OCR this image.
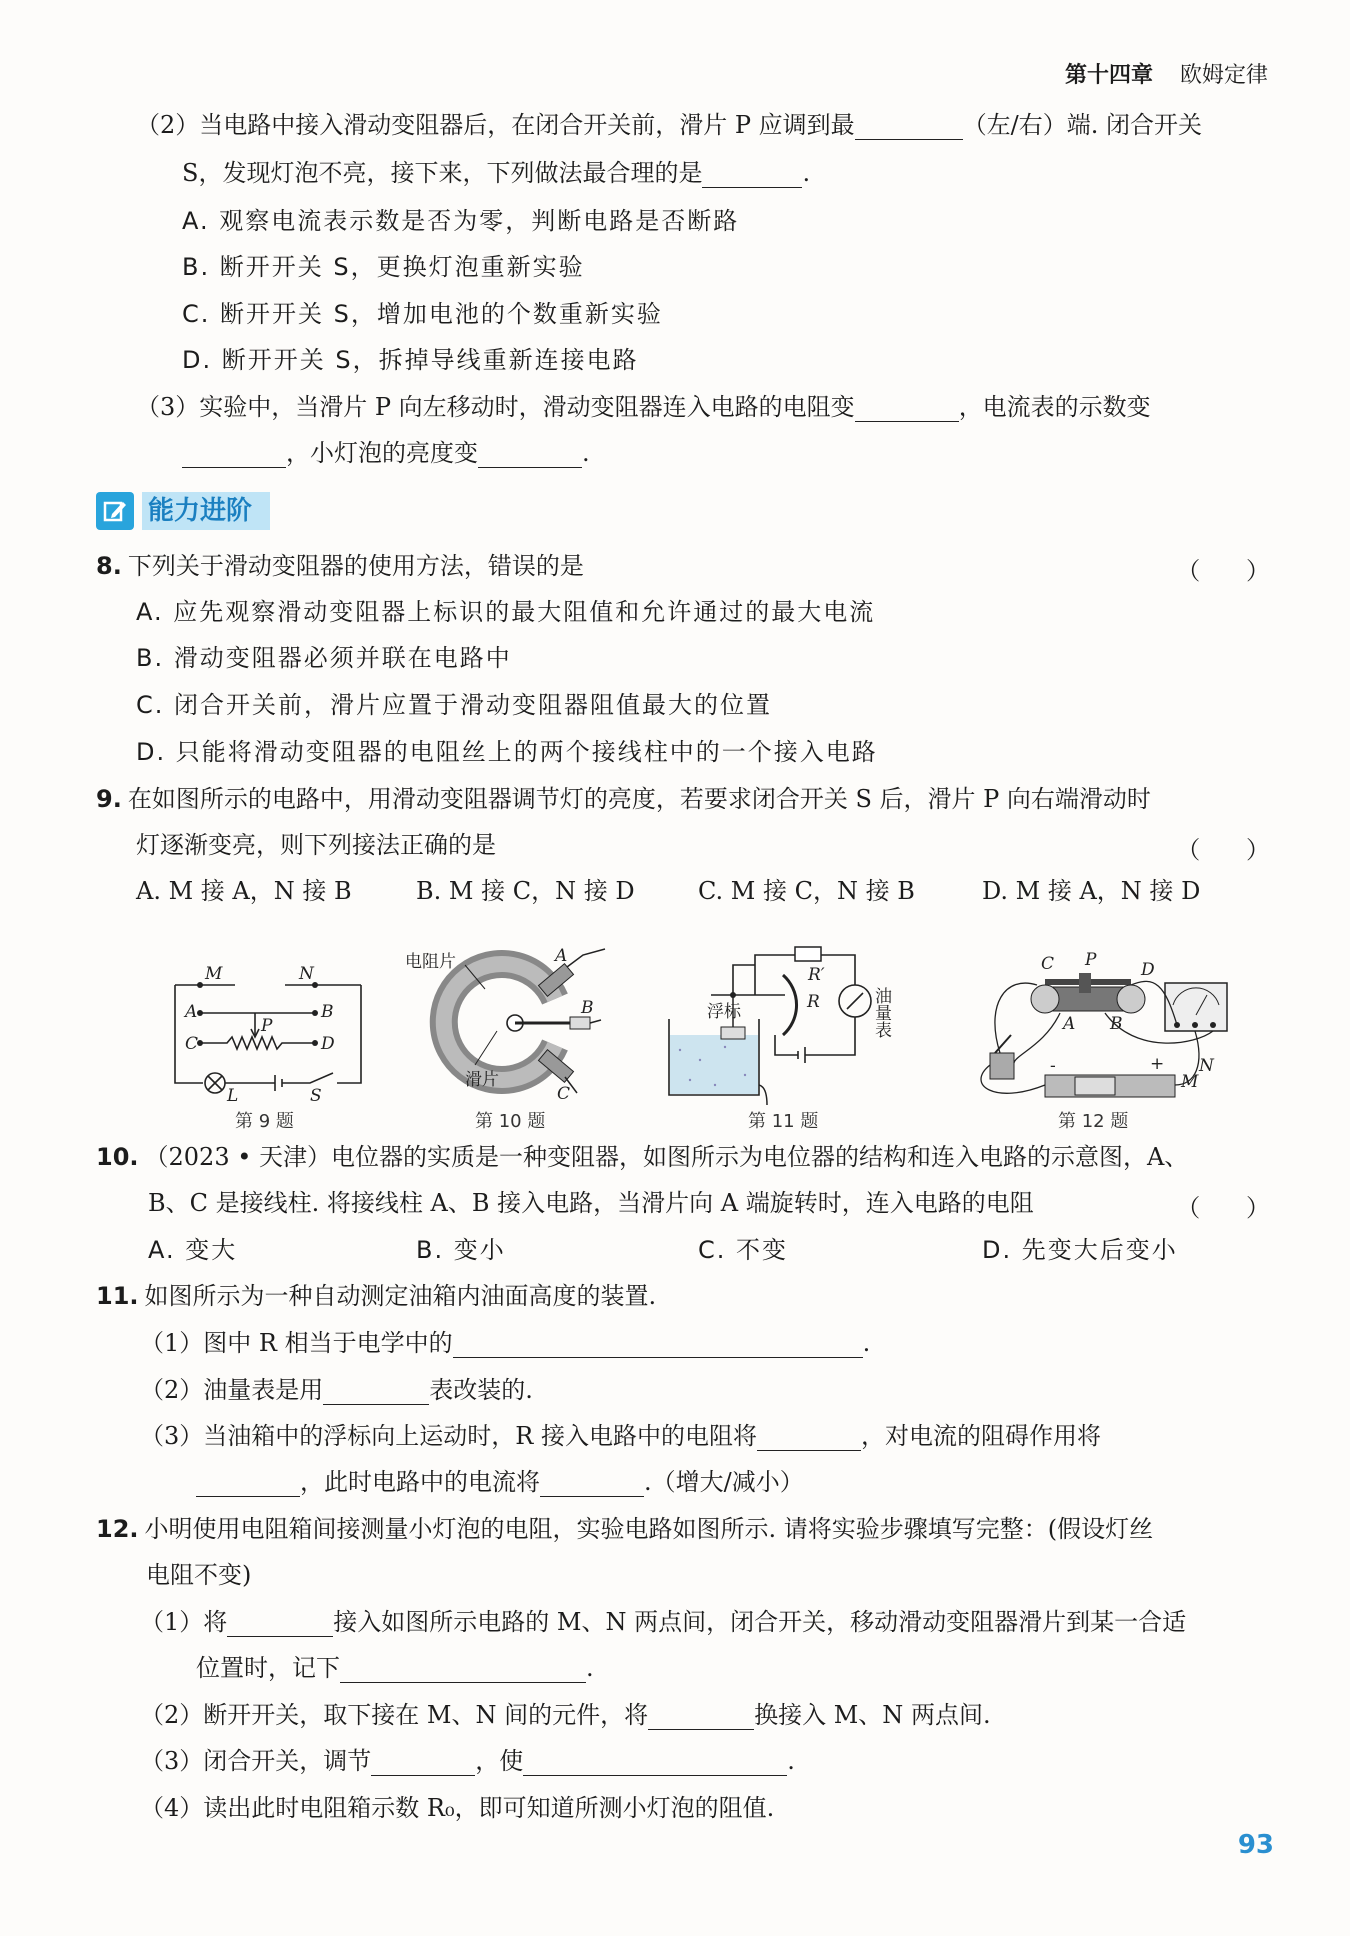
第十四章 欧姆定律
（2）当电路中接入滑动变阻器后，在闭合开关前，滑片 P 应调到最	（左/右）端. 闭合开关
S，发现灯泡不亮，接下来，下列做法最合理的是	.
A. 观察电流表示数是否为零，判断电路是否断路
B. 断开开关 S，更换灯泡重新实验
C. 断开开关 S，增加电池的个数重新实验
D. 断开开关 S，拆掉导线重新连接电路
（3）实验中，当滑片 P 向左移动时，滑动变阻器连入电路的电阻变	，电流表的示数变
，小灯泡的亮度变	.
能力进阶
8. 下列关于滑动变阻器的使用方法，错误的是	（      ）
A. 应先观察滑动变阻器上标识的最大阻值和允许通过的最大电流
B. 滑动变阻器必须并联在电路中
C. 闭合开关前，滑片应置于滑动变阻器阻值最大的位置
D. 只能将滑动变阻器的电阻丝上的两个接线柱中的一个接入电路
9. 在如图所示的电路中，用滑动变阻器调节灯的亮度，若要求闭合开关 S 后，滑片 P 向右端滑动时
灯逐渐变亮，则下列接法正确的是	（      ）
A. M 接 A，N 接 B	B. M 接 C，N 接 D	C. M 接 C，N 接 B	D. M 接 A，N 接 D
M	N
A	B
P
C	D
L	S
第 9 题
电阻片
滑片
A
B
C
第 10 题
R′
R
浮标	油量表
第 11 题
C P	D
A B
-	+
M
N
第 12 题
10. （2023 • 天津）电位器的实质是一种变阻器，如图所示为电位器的结构和连入电路的示意图，A、
B、C 是接线柱. 将接线柱 A、B 接入电路，当滑片向 A 端旋转时，连入电路的电阻	（      ）
A. 变大	B. 变小	C. 不变	D. 先变大后变小
11. 如图所示为一种自动测定油箱内油面高度的装置.
（1）图中 R 相当于电学中的	.
（2）油量表是用	表改装的.
（3）当油箱中的浮标向上运动时，R 接入电路中的电阻将	，对电流的阻碍作用将
，此时电路中的电流将	.（增大/减小）
12. 小明使用电阻箱间接测量小灯泡的电阻，实验电路如图所示. 请将实验步骤填写完整：(假设灯丝
电阻不变)
（1）将	接入如图所示电路的 M、N 两点间，闭合开关，移动滑动变阻器滑片到某一合适
位置时，记下	.
（2）断开开关，取下接在 M、N 间的元件，将	换接入 M、N 两点间.
（3）闭合开关，调节	，使	.
（4）读出此时电阻箱示数 R₀，即可知道所测小灯泡的阻值.
93
